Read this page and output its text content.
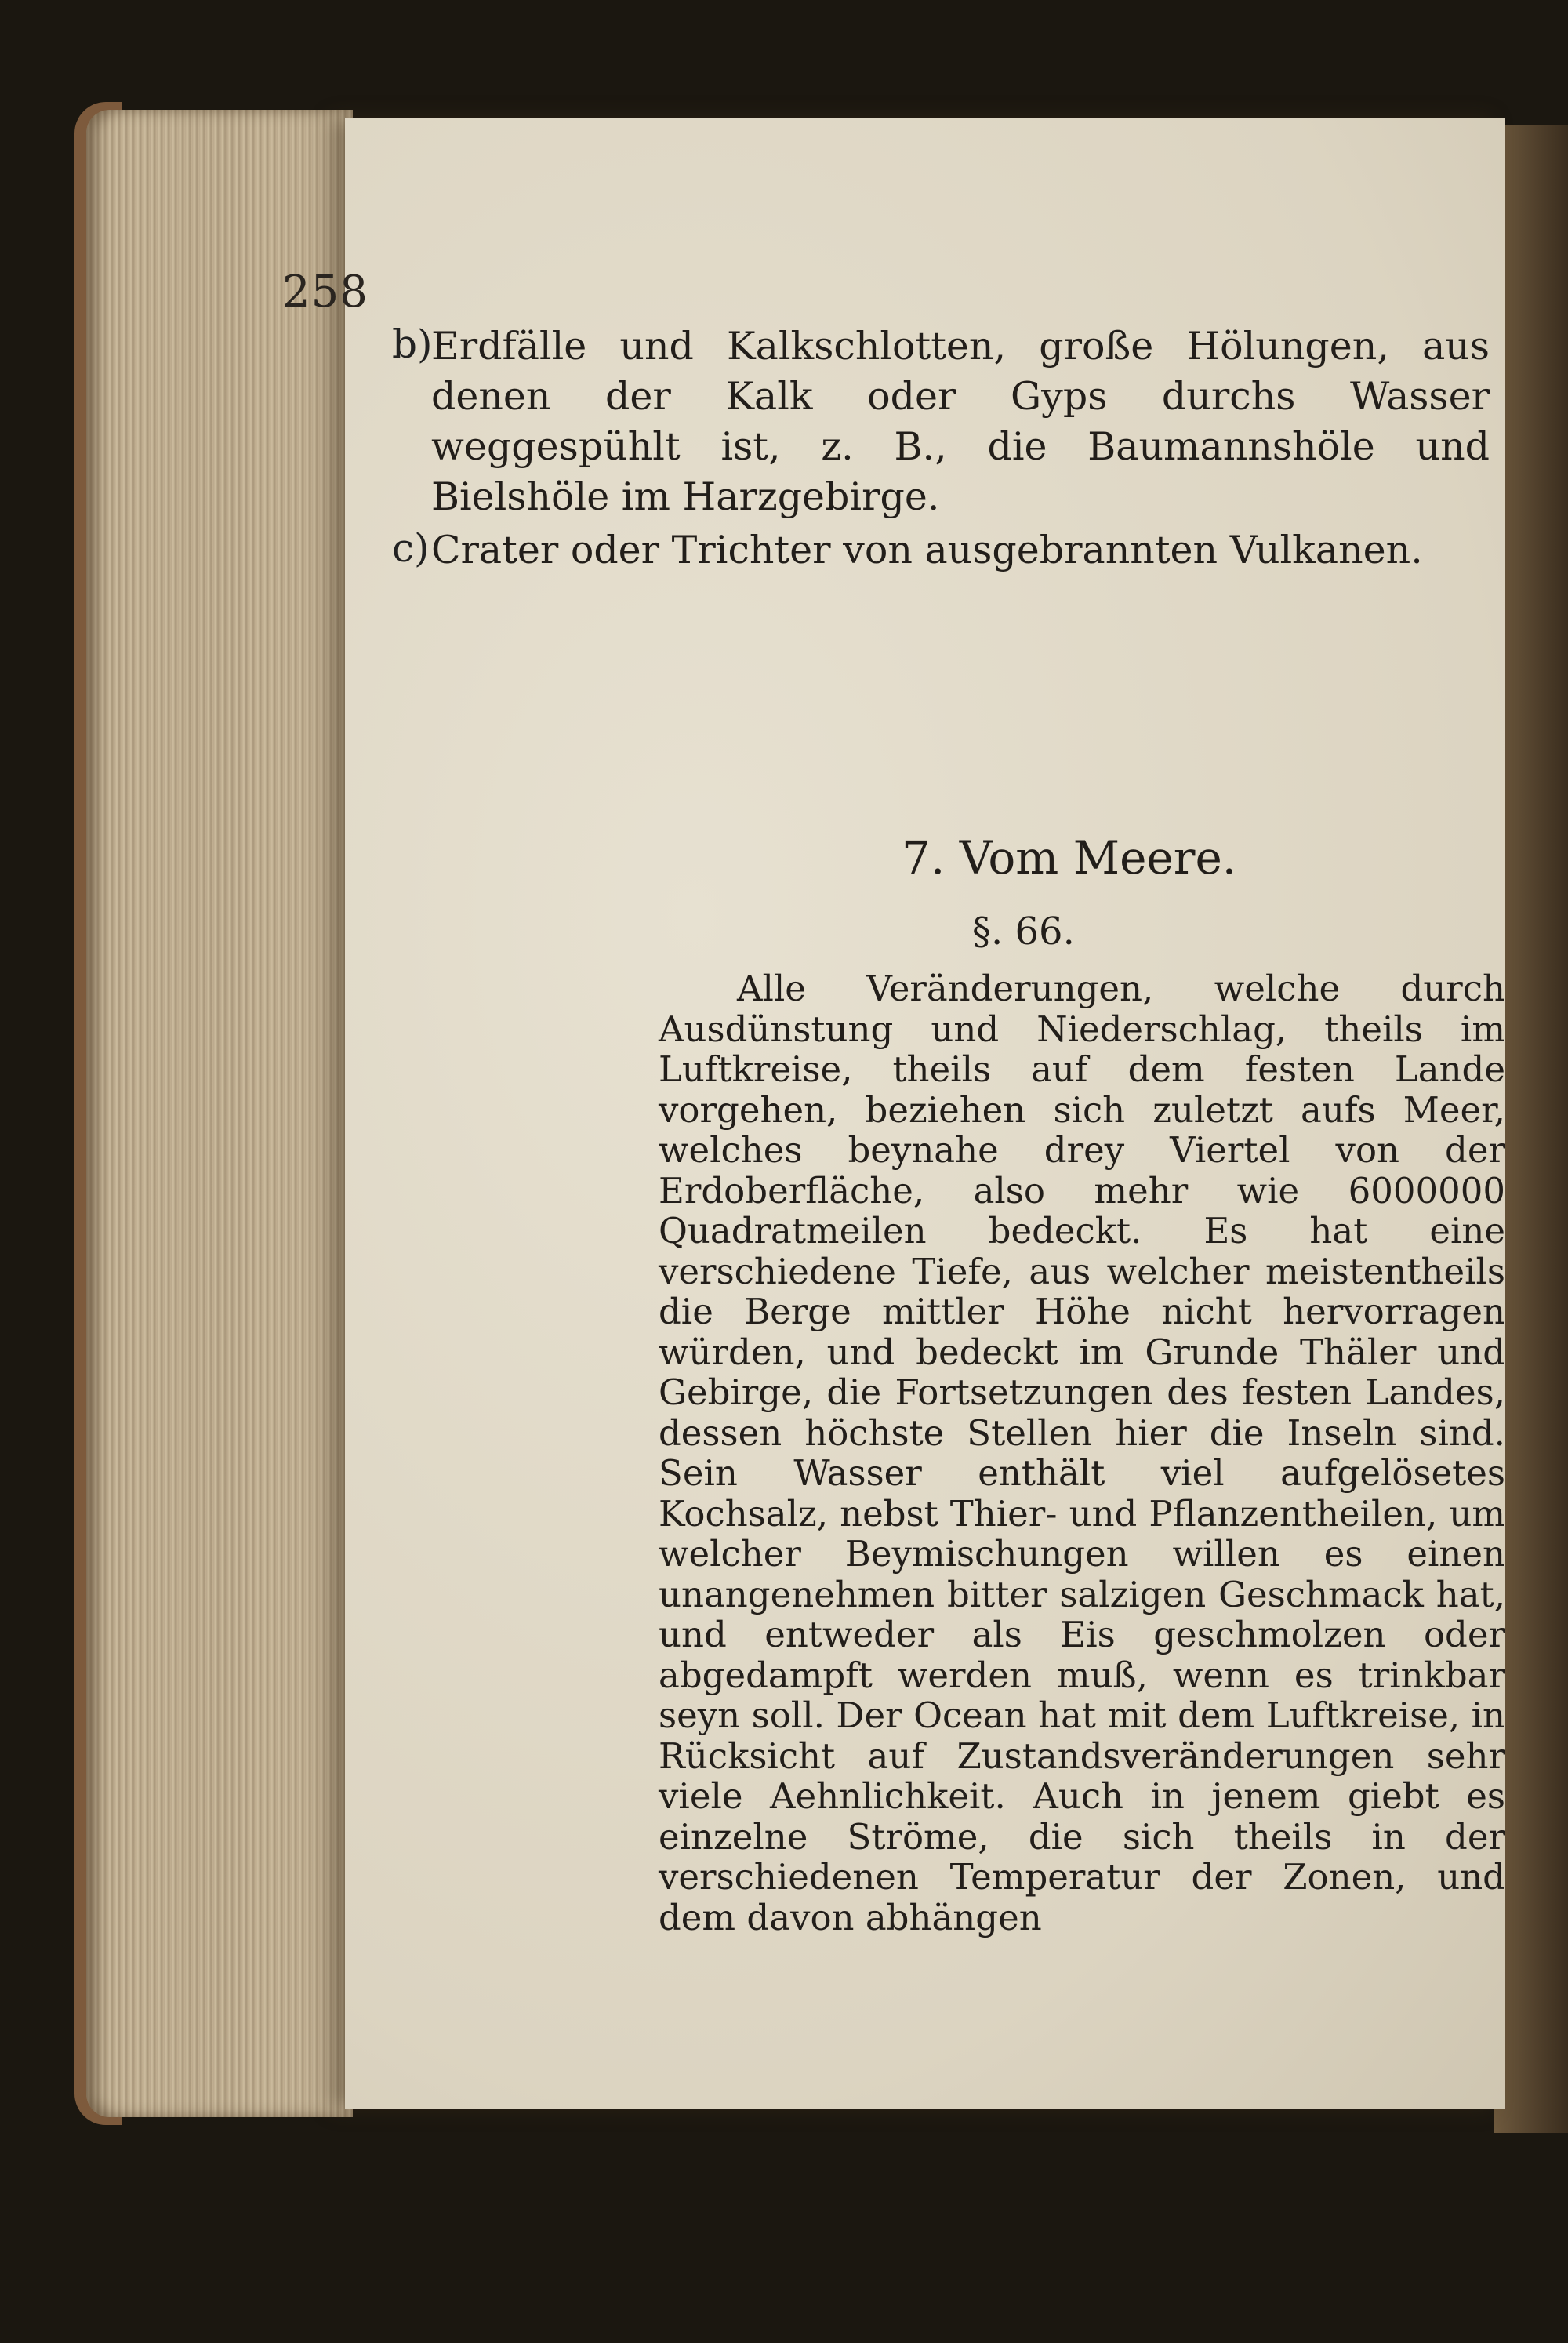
258
b)
Erdfälle und Kalkschlotten, große Hölungen, aus denen der Kalk oder Gyps durchs Wasser weggespühlt ist, z. B., die Baumannshöle und Bielshöle im Harzgebirge.
c) Crater oder Trichter von ausgebrannten Vulkanen.
7. Vom Meere.
§. 66.
Alle Veränderungen, welche durch Ausdünstung und Niederschlag, theils im Luftkreise, theils auf dem festen Lande vorgehen, beziehen sich zuletzt aufs Meer, welches beynahe drey Viertel von der Erdoberfläche, also mehr wie 6000000 Quadratmeilen bedeckt. Es hat eine verschiedene Tiefe, aus welcher meistentheils die Berge mittler Höhe nicht hervorragen würden, und bedeckt im Grunde Thäler und Gebirge, die Fortsetzungen des festen Landes, dessen höchste Stellen hier die Inseln sind. Sein Wasser enthält viel aufgelösetes Kochsalz, nebst Thier- und Pflanzentheilen, um welcher Beymischungen willen es einen unangenehmen bitter salzigen Geschmack hat, und entweder als Eis geschmolzen oder abgedampft werden muß, wenn es trinkbar seyn soll. Der Ocean hat mit dem Luftkreise, in Rücksicht auf Zustandsveränderungen sehr viele Aehnlichkeit. Auch in jenem giebt es einzelne Ströme, die sich theils in der verschiedenen Temperatur der Zonen, und dem davon abhängen
